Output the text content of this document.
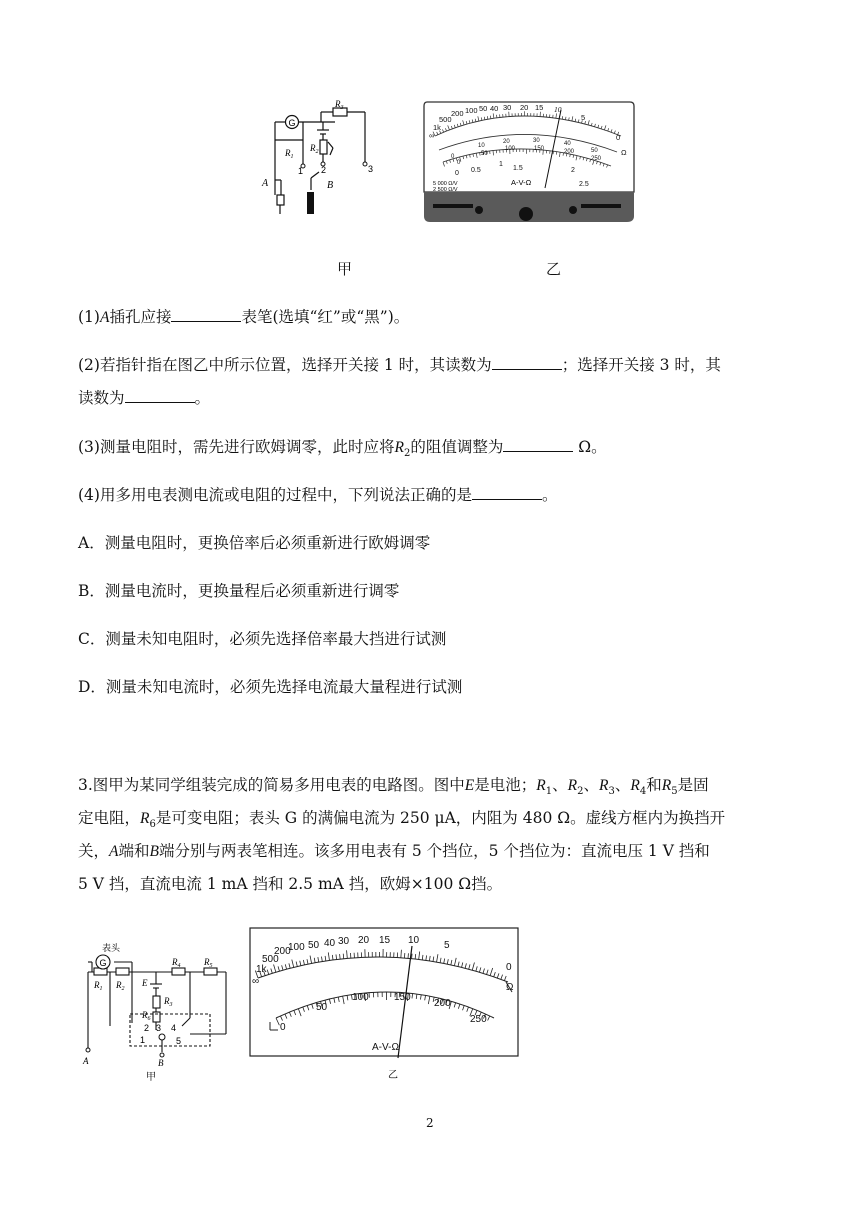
G
$R_3$
$R_1$
$R_2$
1 2	3
A	B
∞
1k
500
200 100 50 40 30 20 15 10
5
0
Ω
0
10
20	30	40
50
0
50
100	150	200
250
0 0.5
1
1.5	2
2.5
A-V-Ω
5 000 Ω/V
2 500 Ω/V
甲	乙
(1)A插孔应接	表笔(选填“红”或“黑”)。
(2)若指针指在图乙中所示位置，选择开关接 1 时，其读数为	；选择开关接 3 时，其
读数为	。
(3)测量电阻时，需先进行欧姆调零，此时应将$R_2$的阻值调整为	Ω。
(4)用多用电表测电流或电阻的过程中，下列说法正确的是	。
A．测量电阻时，更换倍率后必须重新进行欧姆调零
B．测量电流时，更换量程后必须重新进行调零
C．测量未知电阻时，必须先选择倍率最大挡进行试测
D．测量未知电流时，必须先选择电流最大量程进行试测
3.图甲为某同学组装完成的简易多用电表的电路图。图中E是电池；$R_1$、$R_2$、$R_3$、$R_4$和$R_5$是固
定电阻，$R_6$是可变电阻；表头 G 的满偏电流为 250 μA，内阻为 480 Ω。虚线方框内为换挡开
关，A端和B端分别与两表笔相连。该多用电表有 5 个挡位，5 个挡位为：直流电压 1 V 挡和
5 V 挡，直流电流 1 mA 挡和 2.5 mA 挡，欧姆×100 Ω挡。
表头
G
$R_1$ $R_2$
$R_4$	$R_5$
E
$R_3$
$R_6$
1
2 3 4
5
A	B
甲
∞
1k
500
200
100 50 40 30 20 15 10 5
0
Ω
0
50
100	150
200
250
A-V-Ω
乙
2
